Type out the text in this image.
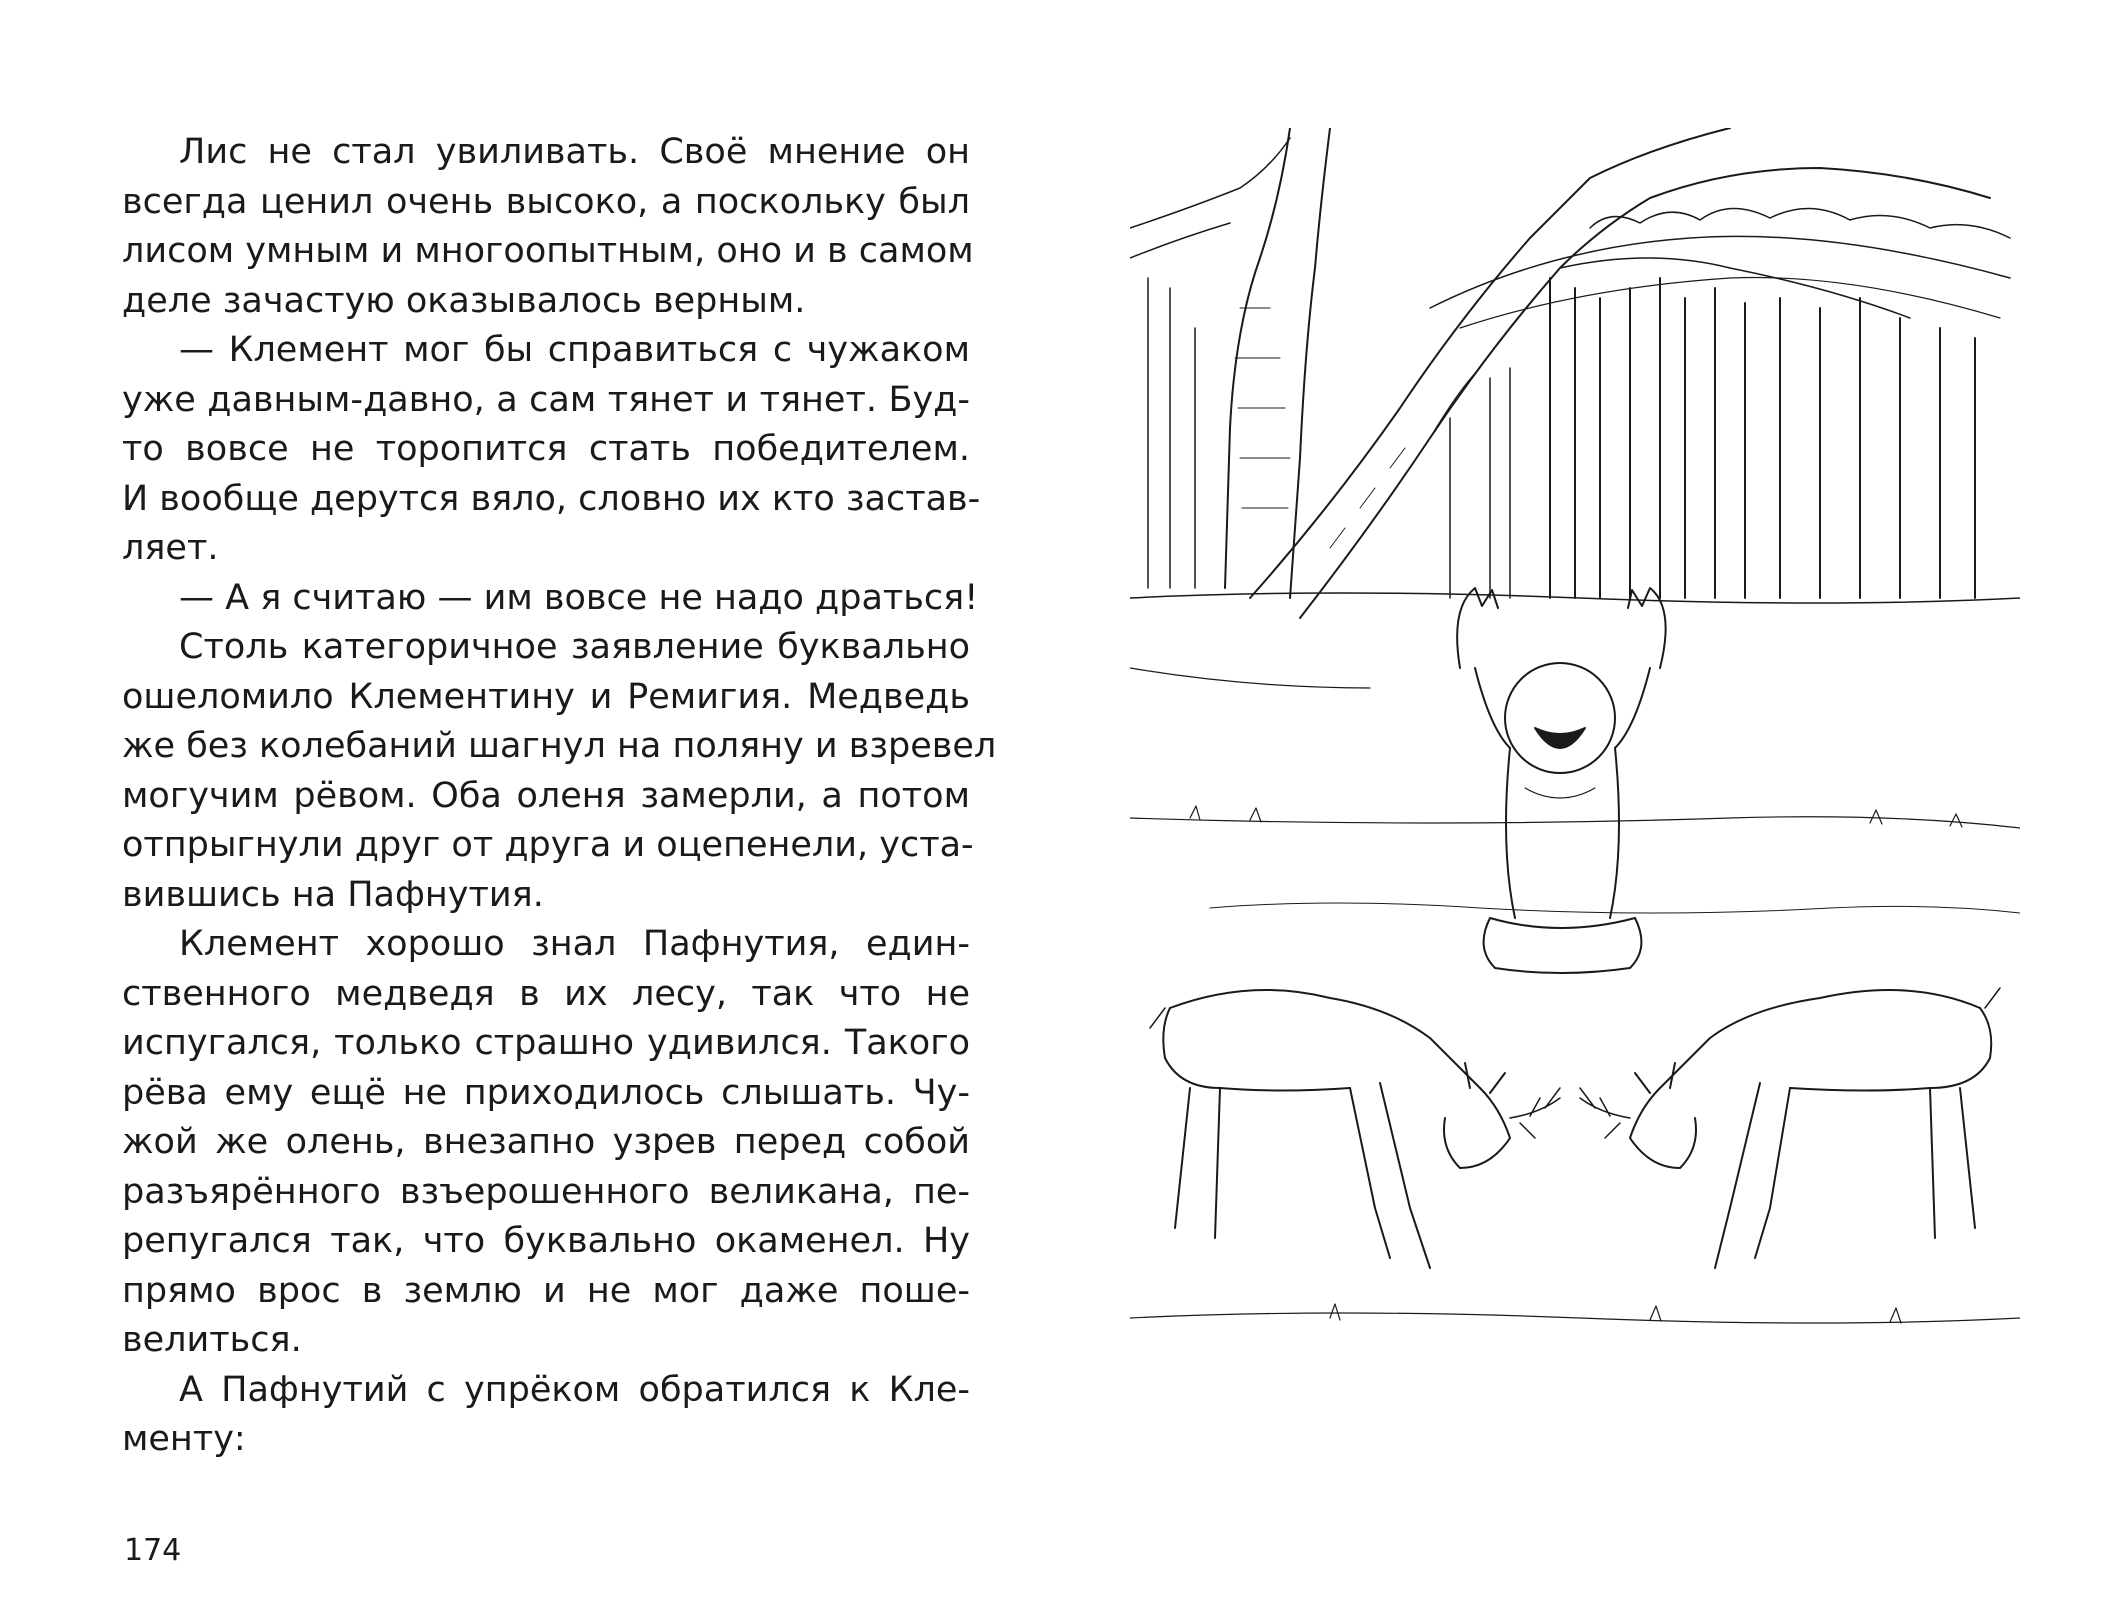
Лис не стал увиливать. Своё мнение он
всегда ценил очень высоко, а поскольку был
лисом умным и многоопытным, оно и в самом
деле зачастую оказывалось верным.
— Клемент мог бы справиться с чужаком
уже давным-давно, а сам тянет и тянет. Буд-
то вовсе не торопится стать победителем.
И вообще дерутся вяло, словно их кто застав-
ляет.
— А я считаю — им вовсе не надо драться!
Столь категоричное заявление буквально
ошеломило Клементину и Ремигия. Медведь
же без колебаний шагнул на поляну и взревел
могучим рёвом. Оба оленя замерли, а потом
отпрыгнули друг от друга и оцепенели, уста-
вившись на Пафнутия.
Клемент хорошо знал Пафнутия, един-
ственного медведя в их лесу, так что не
испугался, только страшно удивился. Такого
рёва ему ещё не приходилось слышать. Чу-
жой же олень, внезапно узрев перед собой
разъярённого взъерошенного великана, пе-
репугался так, что буквально окаменел. Ну
прямо врос в землю и не мог даже поше-
велиться.
А Пафнутий с упрёком обратился к Кле-
менту:
174
